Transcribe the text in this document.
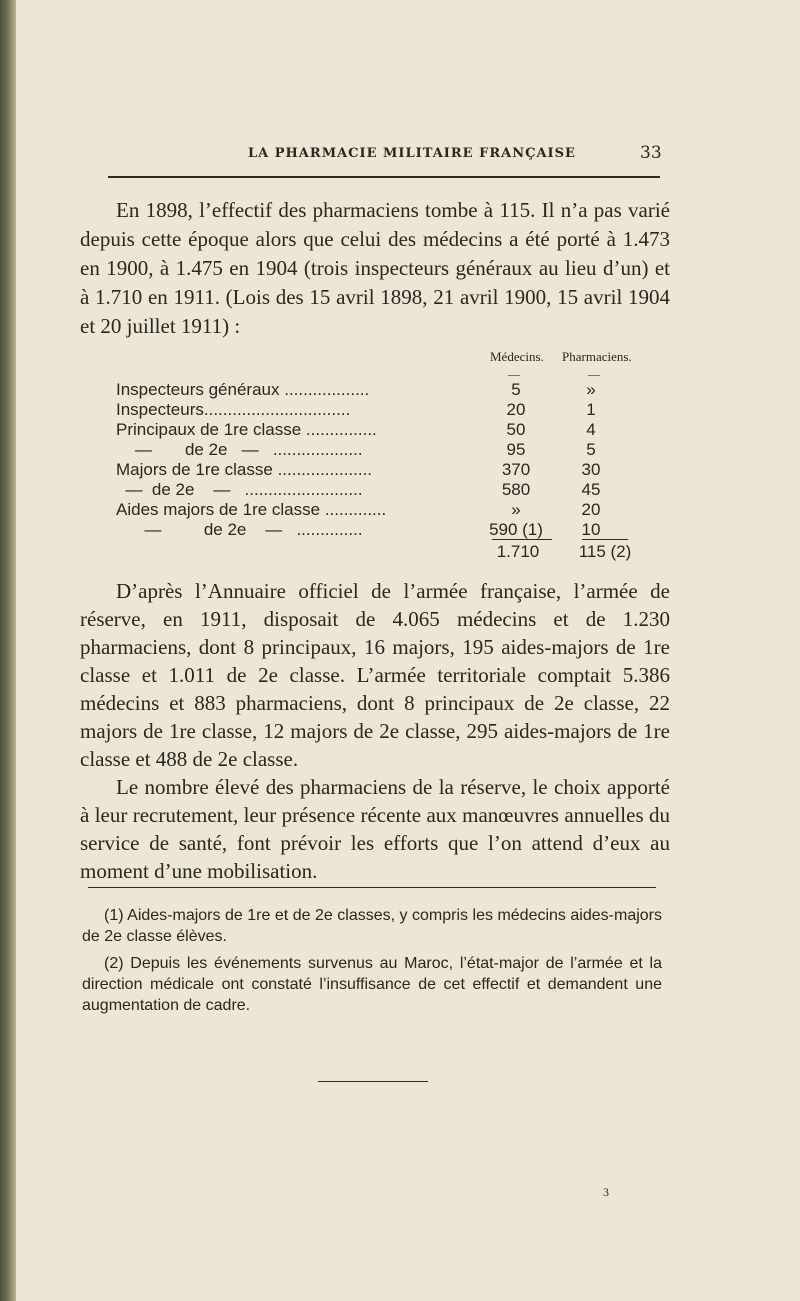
LA PHARMACIE MILITAIRE FRANÇAISE	33
En 1898, l’effectif des pharmaciens tombe à 115. Il n’a pas varié depuis cette époque alors que celui des médecins a été porté à 1.473 en 1900, à 1.475 en 1904 (trois inspecteurs généraux au lieu d’un) et à 1.710 en 1911. (Lois des 15 avril 1898, 21 avril 1900, 15 avril 1904 et 20 juillet 1911) :
Médecins. Pharmaciens.
—	—
Inspecteurs généraux ..................	5	»
Inspecteurs...............................	20	1
Principaux de 1re classe ...............	50	4
—       de 2e   —   ...................	95	5
Majors de 1re classe ....................	370	30
—  de 2e    —   .........................	580	45
Aides majors de 1re classe .............	»	20
—         de 2e    —   ..............	590 (1)	10
1.710	115 (2)

D’après l’Annuaire officiel de l’armée française, l’armée de réserve, en 1911, disposait de 4.065 médecins et de 1.230 pharmaciens, dont 8 principaux, 16 majors, 195 aides-majors de 1re classe et 1.011 de 2e classe. L’armée territoriale comptait 5.386 médecins et 883 pharmaciens, dont 8 principaux de 2e classe, 22 majors de 1re classe, 12 majors de 2e classe, 295 aides-majors de 1re classe et 488 de 2e classe.

Le nombre élevé des pharmaciens de la réserve, le choix apporté à leur recrutement, leur présence récente aux manœuvres annuelles du service de santé, font prévoir les efforts que l’on attend d’eux au moment d’une mobilisation.

(1) Aides-majors de 1re et de 2e classes, y compris les médecins aides-majors de 2e classe élèves.

(2) Depuis les événements survenus au Maroc, l’état-major de l’armée et la direction médicale ont constaté l’insuffisance de cet effectif et demandent une augmentation de cadre.

3
